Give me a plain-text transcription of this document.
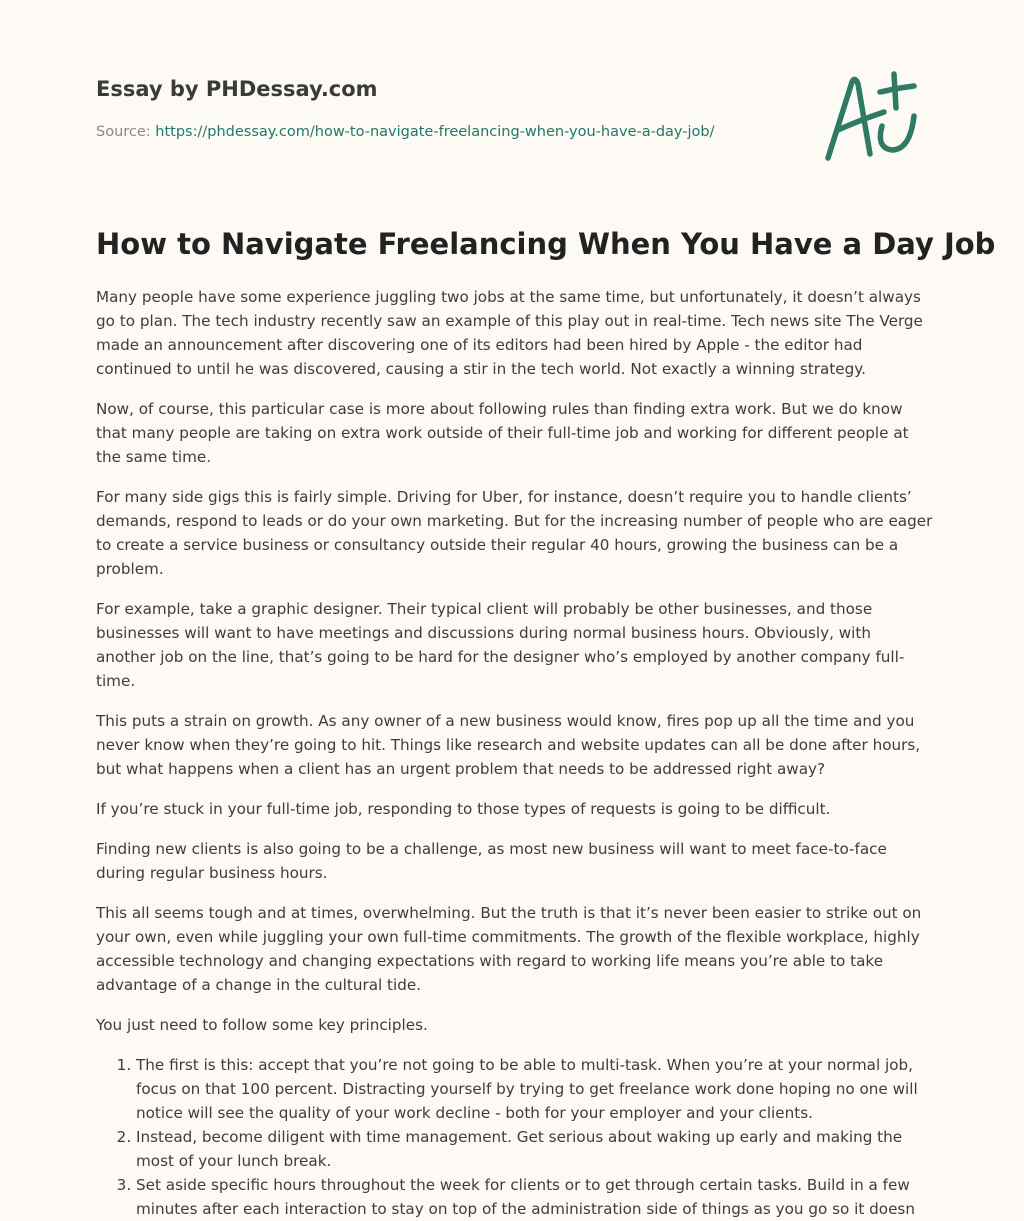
Essay by PHDessay.com
Source: https://phdessay.com/how-to-navigate-freelancing-when-you-have-a-day-job/
How to Navigate Freelancing When You Have a Day Job

Many people have some experience juggling two jobs at the same time, but unfortunately, it doesn’t always go to plan. The tech industry recently saw an example of this play out in real-time. Tech news site The Verge made an announcement after discovering one of its editors had been hired by Apple - the editor had continued to until he was discovered, causing a stir in the tech world. Not exactly a winning strategy.

Now, of course, this particular case is more about following rules than finding extra work. But we do know that many people are taking on extra work outside of their full-time job and working for different people at the same time.

For many side gigs this is fairly simple. Driving for Uber, for instance, doesn’t require you to handle clients’ demands, respond to leads or do your own marketing. But for the increasing number of people who are eager to create a service business or consultancy outside their regular 40 hours, growing the business can be a problem.

For example, take a graphic designer. Their typical client will probably be other businesses, and those businesses will want to have meetings and discussions during normal business hours. Obviously, with another job on the line, that’s going to be hard for the designer who’s employed by another company full-time.

This puts a strain on growth. As any owner of a new business would know, fires pop up all the time and you never know when they’re going to hit. Things like research and website updates can all be done after hours, but what happens when a client has an urgent problem that needs to be addressed right away?

If you’re stuck in your full-time job, responding to those types of requests is going to be difficult.

Finding new clients is also going to be a challenge, as most new business will want to meet face-to-face during regular business hours.

This all seems tough and at times, overwhelming. But the truth is that it’s never been easier to strike out on your own, even while juggling your own full-time commitments. The growth of the flexible workplace, highly accessible technology and changing expectations with regard to working life means you’re able to take advantage of a change in the cultural tide.

You just need to follow some key principles.

1. The first is this: accept that you’re not going to be able to multi-task. When you’re at your normal job, focus on that 100 percent. Distracting yourself by trying to get freelance work done hoping no one will notice will see the quality of your work decline - both for your employer and your clients.
2. Instead, become diligent with time management. Get serious about waking up early and making the most of your lunch break.
3. Set aside specific hours throughout the week for clients or to get through certain tasks. Build in a few minutes after each interaction to stay on top of the administration side of things as you go so it doesn
